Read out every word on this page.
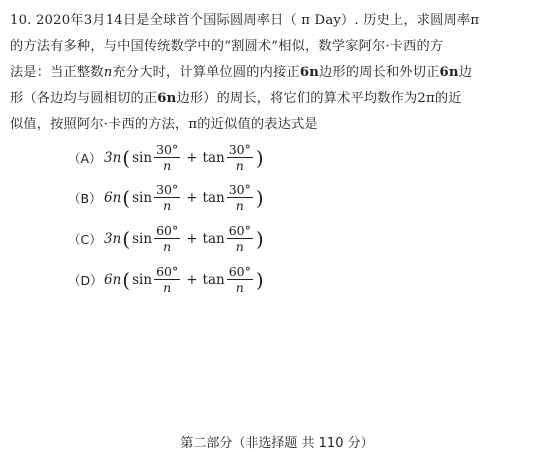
10. 2020年3月14日是全球首个国际圆周率日（ π Day）. 历史上，求圆周率π

的方法有多种，与中国传统数学中的“割圆术”相似，数学家阿尔·卡西的方

法是：当正整数n充分大时，计算单位圆的内接正6n边形的周长和外切正6n边

形（各边均与圆相切的正6n边形）的周长，将它们的算术平均数作为2π的近

似值，按照阿尔·卡西的方法，π的近似值的表达式是

（A） 3n ( $\sin \frac{30^\circ}{n} + \tan \frac{30^\circ}{n}$ )
（B） 6n ( $\sin \frac{30^\circ}{n} + \tan \frac{30^\circ}{n}$ )
（C） 3n ( $\sin \frac{60^\circ}{n} + \tan \frac{60^\circ}{n}$ )
（D） 6n ( $\sin \frac{60^\circ}{n} + \tan \frac{60^\circ}{n}$ )
第二部分（非选择题 共 110 分）
